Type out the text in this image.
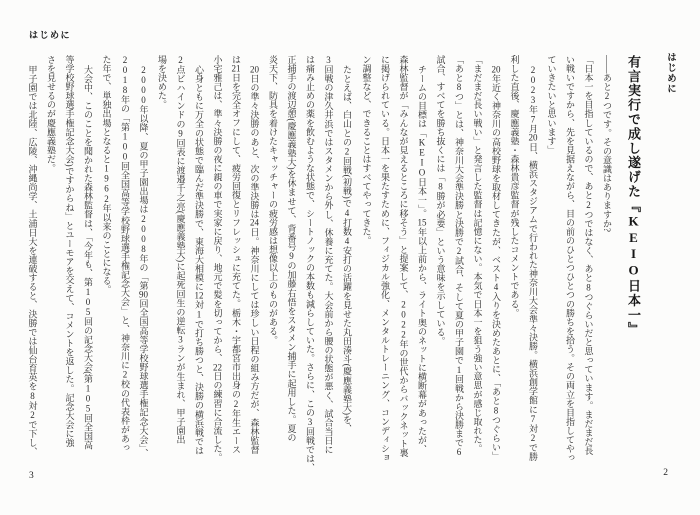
はじめに

たとえば、白山との2回戦(初戦)で4打数4安打の活躍を見せた丸田湊斗(慶應義塾大)を、

3回戦の津久井浜ではスタメンから外し、休養に充てた。大会前から腰の状態が悪く、試合当日に

は痛み止めの薬を飲むような状態で、シートノックの本数も減らしていた。さらに、この3回戦では、

正捕手の渡辺憩(慶應義塾大)を休ませて、背番号9の加藤右悟をスタメン捕手に起用した。夏の

炎天下、防具を着けたキャッチャーの疲労感は想像以上のものがある。

20日の準々決勝のあと、次の準決勝は24日。神奈川にしては珍しい日程の組み方だが、森林監督

は21日を完全オフにして、疲労回復とリフレッシュに充てた。栃木・宇都宮市出身の2年生エース

小宅雅己は、準々決勝の夜に親の車で実家に戻り、地元で髪を切ってから、22日の練習に合流した。

心身ともに万全の状態で臨んだ準決勝で、東海大相模に12対1で打ち勝つと、決勝の横浜戦では

2点ビハインドの9回表に渡邉千之亮(慶應義塾大)に起死回生の逆転3ランが生まれ、甲子園出

場を決めた。

2000年以降、夏の甲子園出場は2008年の「第90回全国高等学校野球選手権記念大会」、

2018年の「第100回全国高等学校野球選手権記念大会」と、神奈川に2校の代表枠があっ

た年で、単独出場となると1962年以来のことになる。

大会中、このことを聞かれた森林監督は、「今年も、第105回の記念大会(第105回全国高

等学校野球選手権記念大会)ですからね」とユーモアを交えて、コメントを返した。記念大会に強

さを見せるのが慶應義塾だ。

甲子園では北陸、広陵、沖縄尚学、土浦日大を連破すると、決勝では仙台育英を8対2で下し、

3
はじめに
有言実行で成し遂げた『KEIO日本一』

――あと2つです。その意識はありますか?

「日本一を目指しているので、あと2つではなく、あと8つぐらいだと思っています。まだまだ長

い戦いですから、先を見据えながら、目の前のひとつひとつの勝ちを拾う。その両立を目指してやっ

ていきたいと思います」

2023年7月20日、横浜スタジアムで行われた神奈川大会準々決勝。横浜創学館に7対2で勝

利した直後、慶應義塾・森林貴彦監督が残したコメントである。

20年近く神奈川の高校野球を取材してきたが、ベスト4入りを決めたあとに、「あと8つぐらい」

「まだまだ長い戦い」と発言した監督は記憶にない。本気で日本一を狙う強い意思が感じ取れた。

「あと8つ」とは、神奈川大会準決勝と決勝で2試合、そして夏の甲子園で1回戦から決勝まで6

試合、すべてを勝ち抜くには「8勝が必要」という意味を示している。

チームの目標は「KEIO日本一」。15年以上前から、ライト奥のネットに横断幕があったが、

森林監督が「みんなが見えるところに移そう」と提案して、2022年の世代からバックネット裏

に掲げられている。日本一を果たすために、フィジカル強化、メンタルトレーニング、コンディショ

ン調整など、できることはすべてやってきた。

2
